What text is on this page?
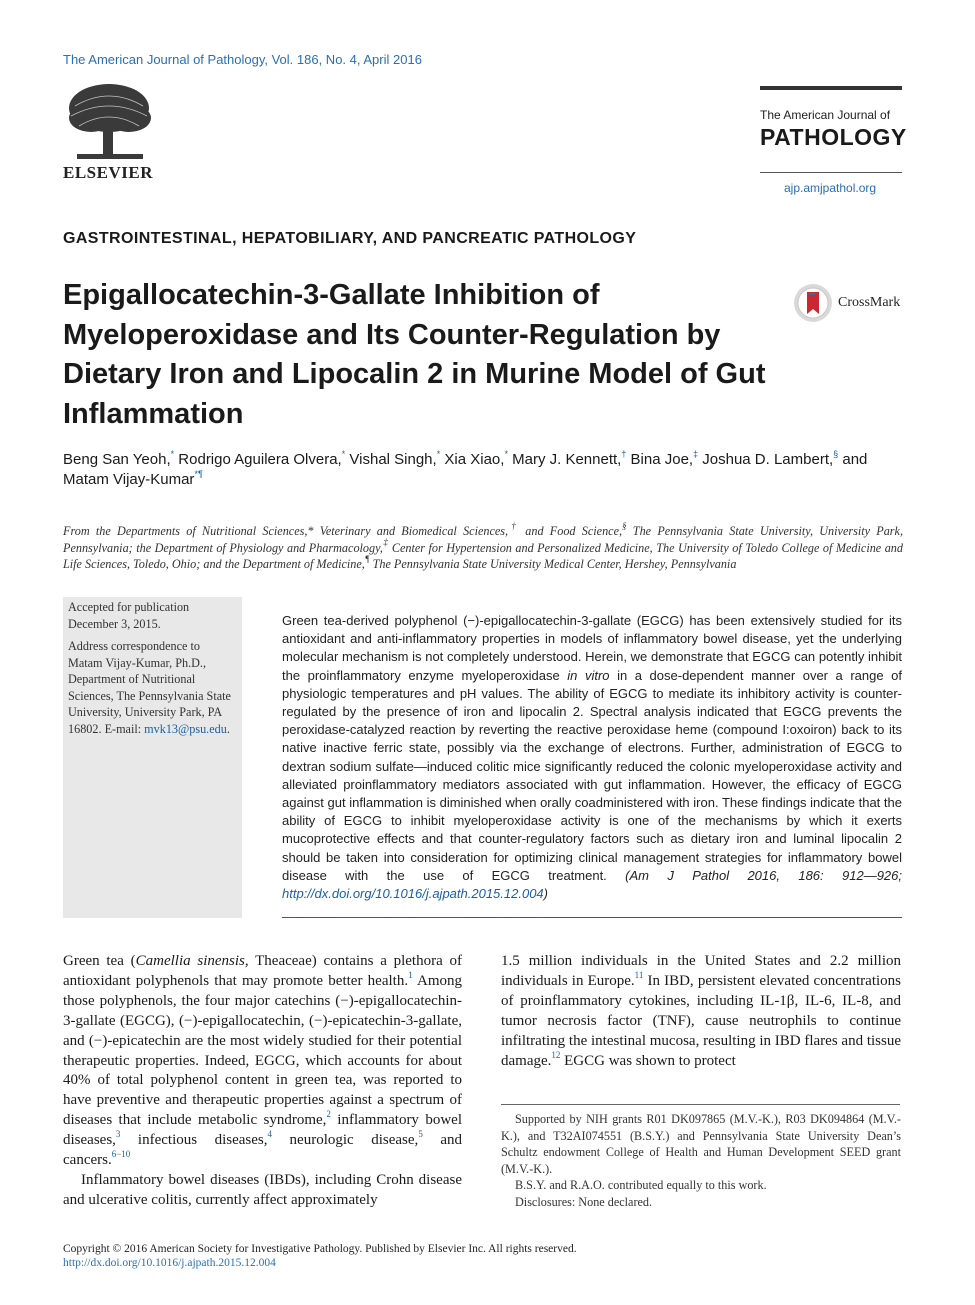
The American Journal of Pathology, Vol. 186, No. 4, April 2016
ELSEVIER
The American Journal of
PATHOLOGY
ajp.amjpathol.org
GASTROINTESTINAL, HEPATOBILIARY, AND PANCREATIC PATHOLOGY
Epigallocatechin-3-Gallate Inhibition of Myeloperoxidase and Its Counter-Regulation by Dietary Iron and Lipocalin 2 in Murine Model of Gut Inflammation
CrossMark
Beng San Yeoh,* Rodrigo Aguilera Olvera,* Vishal Singh,* Xia Xiao,* Mary J. Kennett,† Bina Joe,‡ Joshua D. Lambert,§ and Matam Vijay-Kumar*¶
From the Departments of Nutritional Sciences,* Veterinary and Biomedical Sciences,† and Food Science,§ The Pennsylvania State University, University Park, Pennsylvania; the Department of Physiology and Pharmacology,‡ Center for Hypertension and Personalized Medicine, The University of Toledo College of Medicine and Life Sciences, Toledo, Ohio; and the Department of Medicine,¶ The Pennsylvania State University Medical Center, Hershey, Pennsylvania

Accepted for publication December 3, 2015.

Address correspondence to Matam Vijay-Kumar, Ph.D., Department of Nutritional Sciences, The Pennsylvania State University, University Park, PA 16802. E-mail: mvk13@psu.edu.

Green tea-derived polyphenol (−)-epigallocatechin-3-gallate (EGCG) has been extensively studied for its antioxidant and anti-inflammatory properties in models of inflammatory bowel disease, yet the underlying molecular mechanism is not completely understood. Herein, we demonstrate that EGCG can potently inhibit the proinflammatory enzyme myeloperoxidase in vitro in a dose-dependent manner over a range of physiologic temperatures and pH values. The ability of EGCG to mediate its inhibitory activity is counter-regulated by the presence of iron and lipocalin 2. Spectral analysis indicated that EGCG prevents the peroxidase-catalyzed reaction by reverting the reactive peroxidase heme (compound I:oxoiron) back to its native inactive ferric state, possibly via the exchange of electrons. Further, administration of EGCG to dextran sodium sulfate—induced colitic mice significantly reduced the colonic myeloperoxidase activity and alleviated proinflammatory mediators associated with gut inflammation. However, the efficacy of EGCG against gut inflammation is diminished when orally coadministered with iron. These findings indicate that the ability of EGCG to inhibit myeloperoxidase activity is one of the mechanisms by which it exerts mucoprotective effects and that counter-regulatory factors such as dietary iron and luminal lipocalin 2 should be taken into consideration for optimizing clinical management strategies for inflammatory bowel disease with the use of EGCG treatment. (Am J Pathol 2016, 186: 912—926; http://dx.doi.org/10.1016/j.ajpath.2015.12.004)

Green tea (Camellia sinensis, Theaceae) contains a plethora of antioxidant polyphenols that may promote better health.$^1$ Among those polyphenols, the four major catechins (−)-epigallocatechin-3-gallate (EGCG), (−)-epigallocatechin, (−)-epicatechin-3-gallate, and (−)-epicatechin are the most widely studied for their potential therapeutic properties. Indeed, EGCG, which accounts for about 40% of total polyphenol content in green tea, was reported to have preventive and therapeutic properties against a spectrum of diseases that include metabolic syndrome,$^2$ inflammatory bowel diseases,$^3$ infectious diseases,$^4$ neurologic disease,$^5$ and cancers.$^{6-10}$

Inflammatory bowel diseases (IBDs), including Crohn disease and ulcerative colitis, currently affect approximately

1.5 million individuals in the United States and 2.2 million individuals in Europe.$^{11}$ In IBD, persistent elevated concentrations of proinflammatory cytokines, including IL-1β, IL-6, IL-8, and tumor necrosis factor (TNF), cause neutrophils to continue infiltrating the intestinal mucosa, resulting in IBD flares and tissue damage.$^{12}$ EGCG was shown to protect

Supported by NIH grants R01 DK097865 (M.V.-K.), R03 DK094864 (M.V.-K.), and T32AI074551 (B.S.Y.) and Pennsylvania State University Dean’s Schultz endowment College of Health and Human Development SEED grant (M.V.-K.).

B.S.Y. and R.A.O. contributed equally to this work.

Disclosures: None declared.

Copyright © 2016 American Society for Investigative Pathology. Published by Elsevier Inc. All rights reserved.
http://dx.doi.org/10.1016/j.ajpath.2015.12.004
